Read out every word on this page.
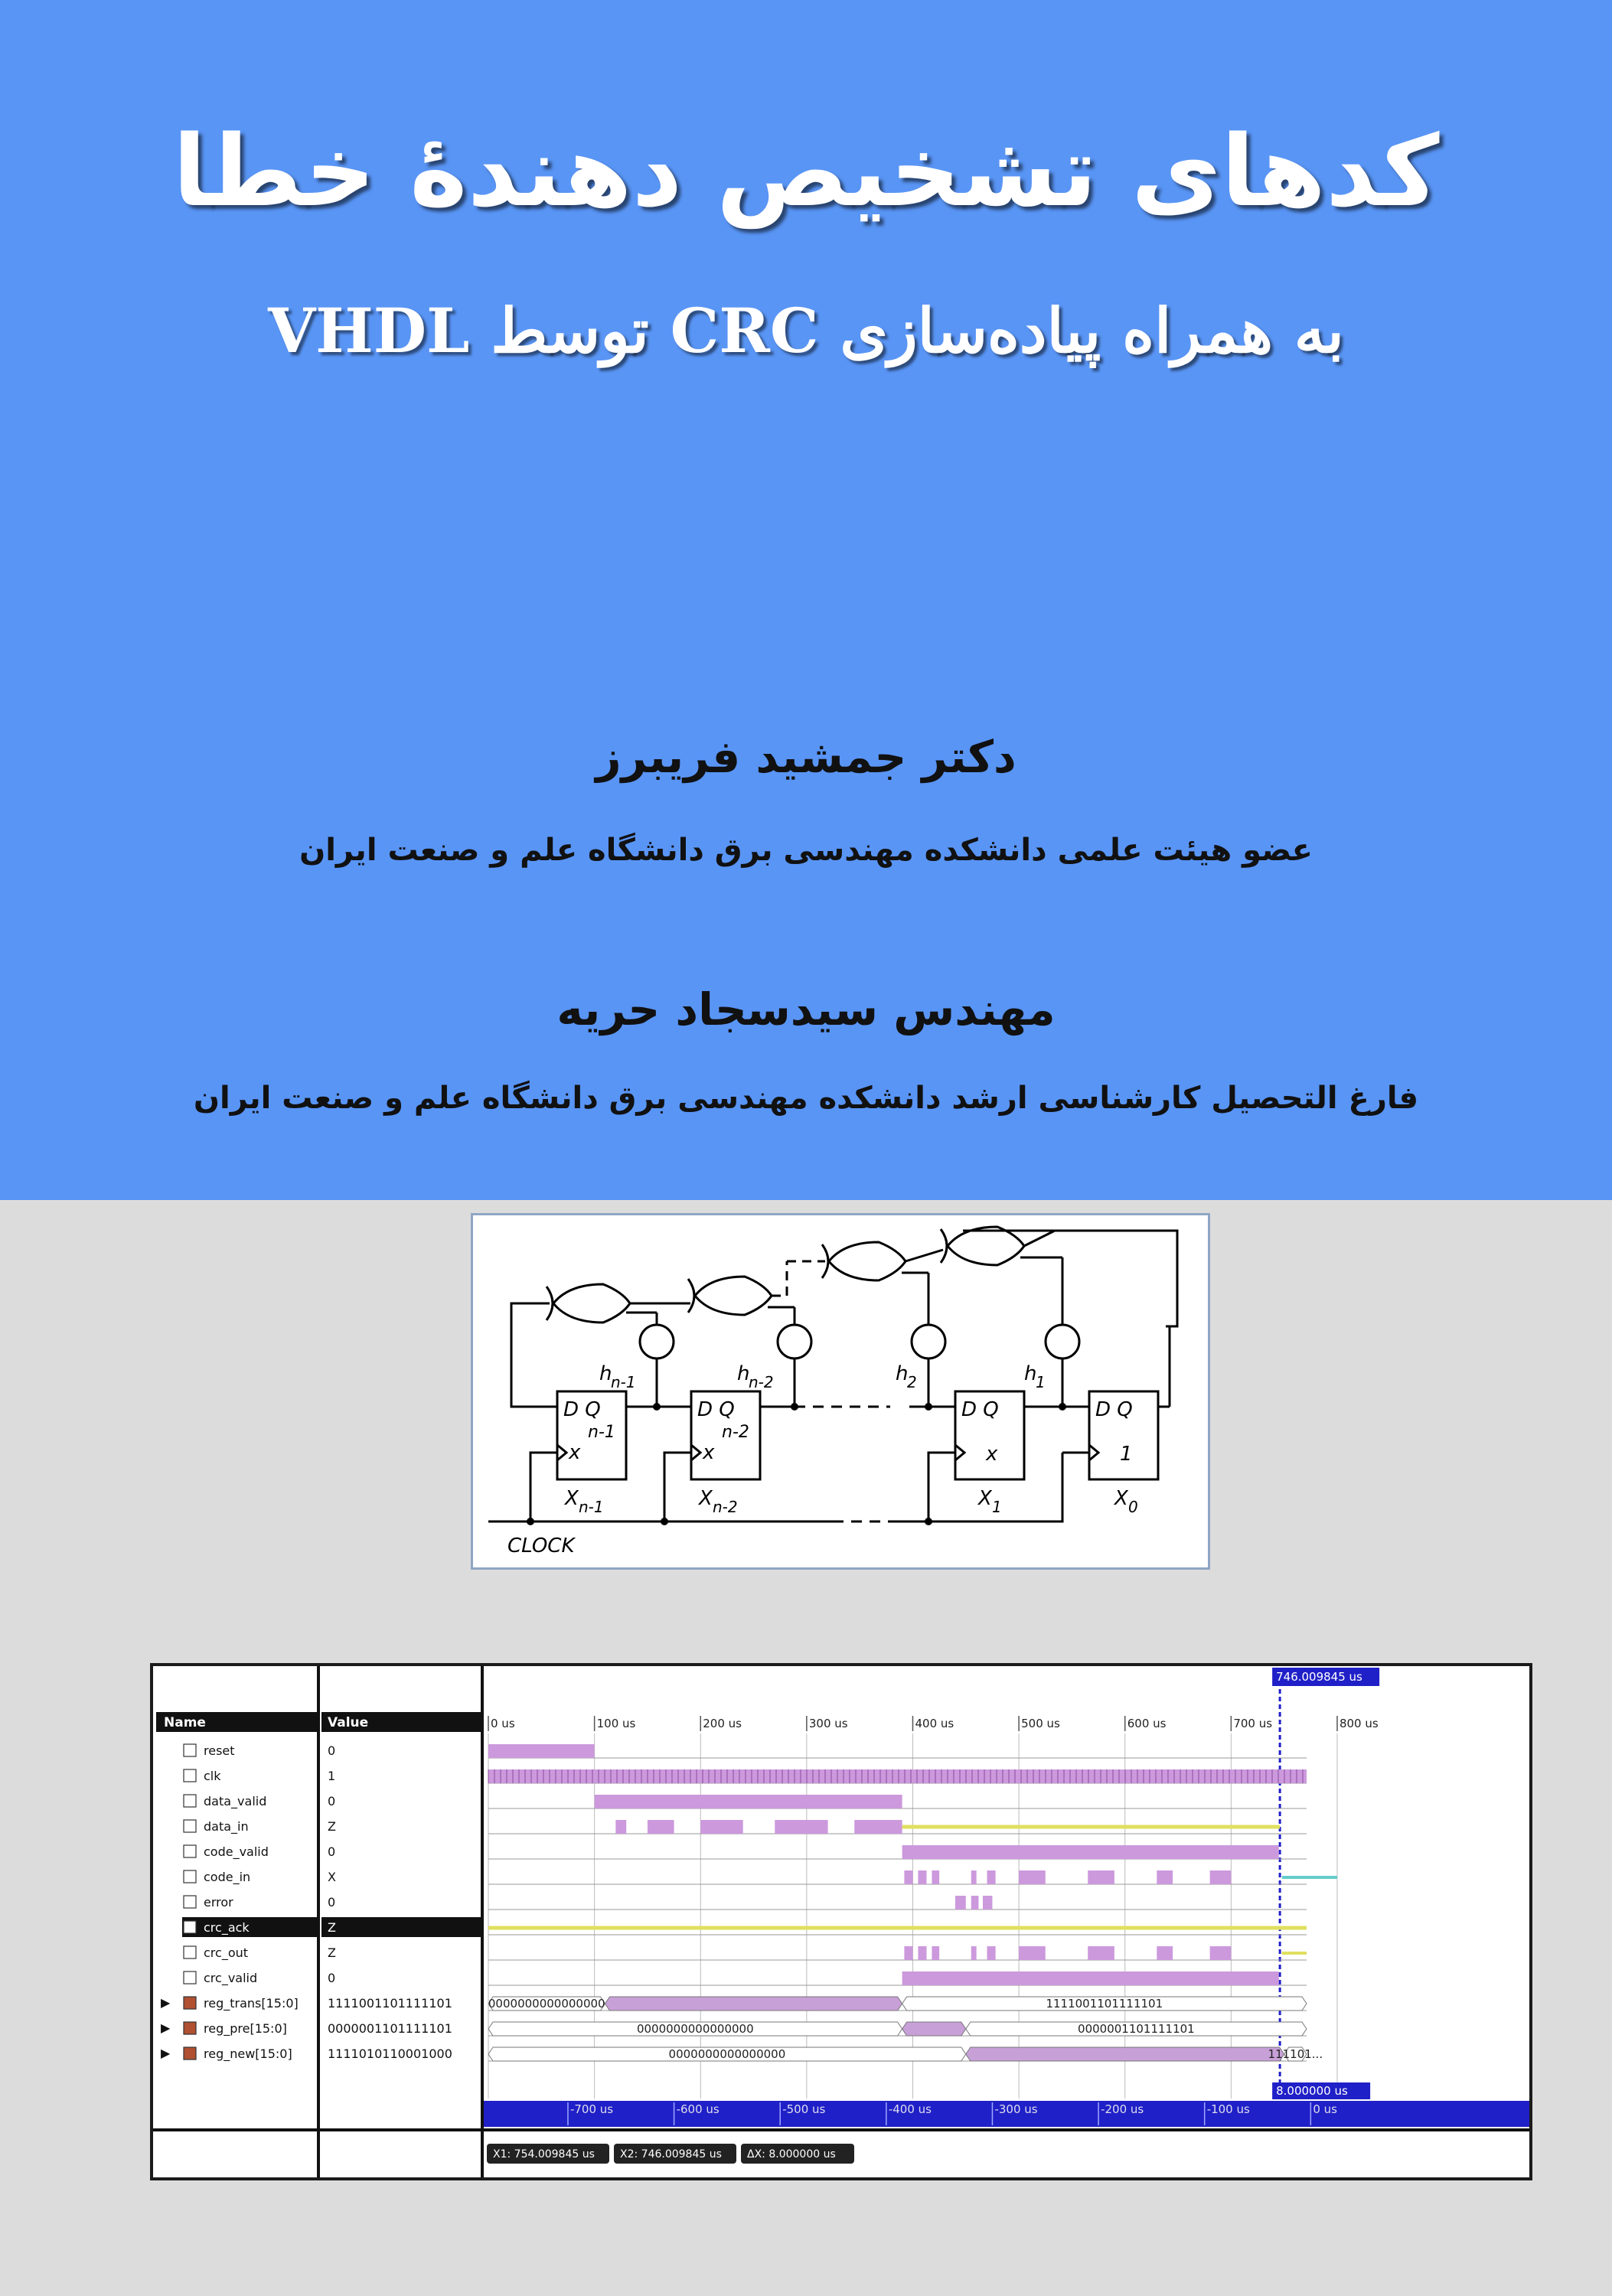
کدهای تشخیص دهندهٔ خطا
به همراه پیاده‌سازی CRC توسط VHDL
دکتر جمشید فریبرز
عضو هیئت علمی دانشکده مهندسی برق دانشگاه علم و صنعت ایران
مهندس سیدسجاد حریه
فارغ التحصیل کارشناسی ارشد دانشکده مهندسی برق دانشگاه علم و صنعت ایران
D Q
n-1
x
X n-1
h
n-1
D Q
n-2
x
X n-2
h
n-2
D Q
x
X 1
h
2
D Q
1
X 0
h
1
CLOCK
Name	Value	0 us	100 us	200 us	300 us	400 us	500 us	600 us	700 us	800 us
-700 us	-600 us	-500 us	-400 us	-300 us	-200 us	-100 us	0 us
746.009845 us
8.000000 us
reset	0
clk	1
data_valid	0
data_in	Z
code_valid	0
code_in	X
error	0
crc_ack	Z
crc_out	Z
crc_valid	0
▶	reg_trans[15:0] 1111001101111101
▶	reg_pre[15:0]	0000001101111101
▶	reg_new[15:0]	1111010110001000
0000000000000000	1111001101111101
0000000000000000	0000001101111101
0000000000000000	111101...
X1: 754.009845 us X2: 746.009845 us ΔX: 8.000000 us
